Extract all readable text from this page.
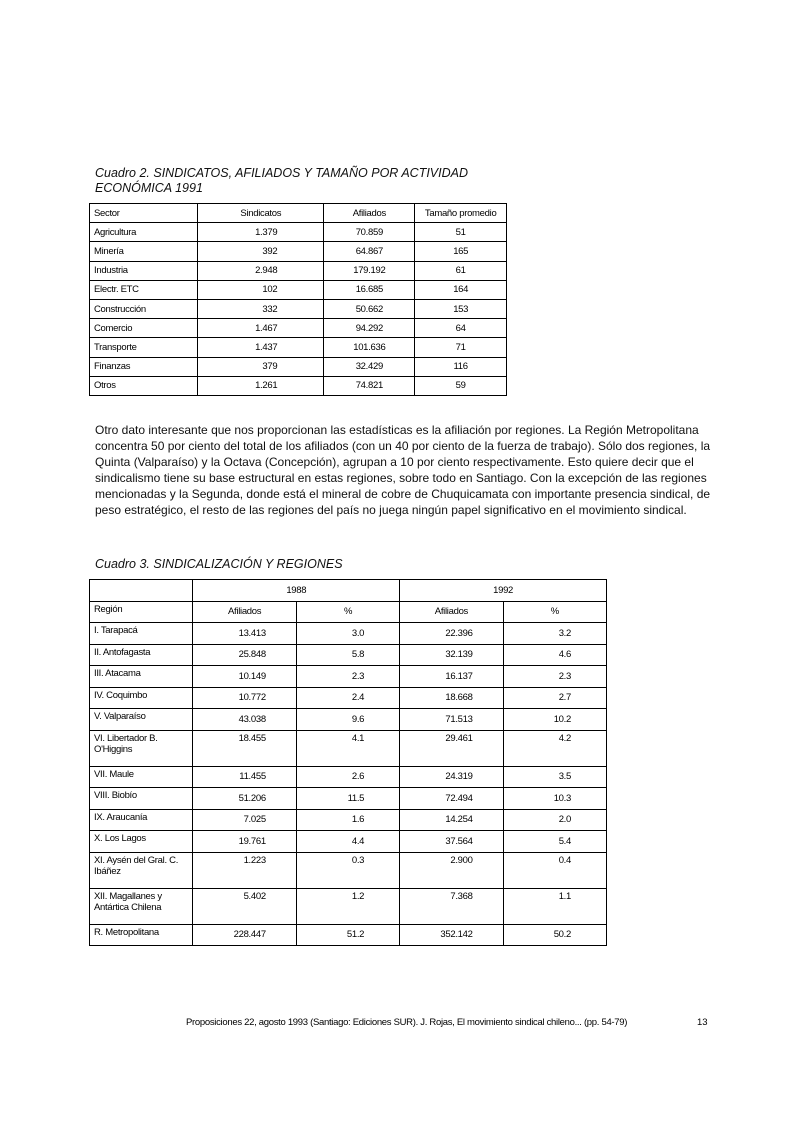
Cuadro 2. SINDICATOS, AFILIADOS Y TAMAÑO POR ACTIVIDAD
ECONÓMICA 1991
Sector	Sindicatos	Afiliados	Tamaño promedio
Agricultura	1.379	70.859	51
Minería	392	64.867	165
Industria	2.948	179.192	61
Electr. ETC	102	16.685	164
Construcción	332	50.662	153
Comercio	1.467	94.292	64
Transporte	1.437	101.636	71
Finanzas	379	32.429	116
Otros	1.261	74.821	59

Otro dato interesante que nos proporcionan las estadísticas es la afiliación por regiones. La Región Metropolitana concentra 50 por ciento del total de los afiliados (con un 40 por ciento de la fuerza de trabajo). Sólo dos regiones, la Quinta (Valparaíso) y la Octava (Concepción), agrupan a 10 por ciento respectivamente. Esto quiere decir que el sindicalismo tiene su base estructural en estas regiones, sobre todo en Santiago. Con la excepción de las regiones mencionadas y la Segunda, donde está el mineral de cobre de Chuquicamata con importante presencia sindical, de peso estratégico, el resto de las regiones del país no juega ningún papel significativo en el movimiento sindical.

Cuadro 3. SINDICALIZACIÓN Y REGIONES
	1988		1992	
Región	Afiliados	%	Afiliados	%
I. Tarapacá	13.413	3.0	22.396	3.2
II. Antofagasta	25.848	5.8	32.139	4.6
III. Atacama	10.149	2.3	16.137	2.3
IV. Coquimbo	10.772	2.4	18.668	2.7
V. Valparaíso	43.038	9.6	71.513	10.2
VI. Libertador B. O'Higgins	18.455	4.1	29.461	4.2
VII. Maule	11.455	2.6	24.319	3.5
VIII. Biobío	51.206	11.5	72.494	10.3
IX. Araucanía	7.025	1.6	14.254	2.0
X. Los Lagos	19.761	4.4	37.564	5.4
XI. Aysén del Gral. C. Ibáñez	1.223	0.3	2.900	0.4
XII. Magallanes y Antártica Chilena	5.402	1.2	7.368	1.1
R. Metropolitana	228.447	51.2	352.142	50.2
Proposiciones 22, agosto 1993 (Santiago: Ediciones SUR). J. Rojas, El movimiento sindical chileno... (pp. 54-79)	13
